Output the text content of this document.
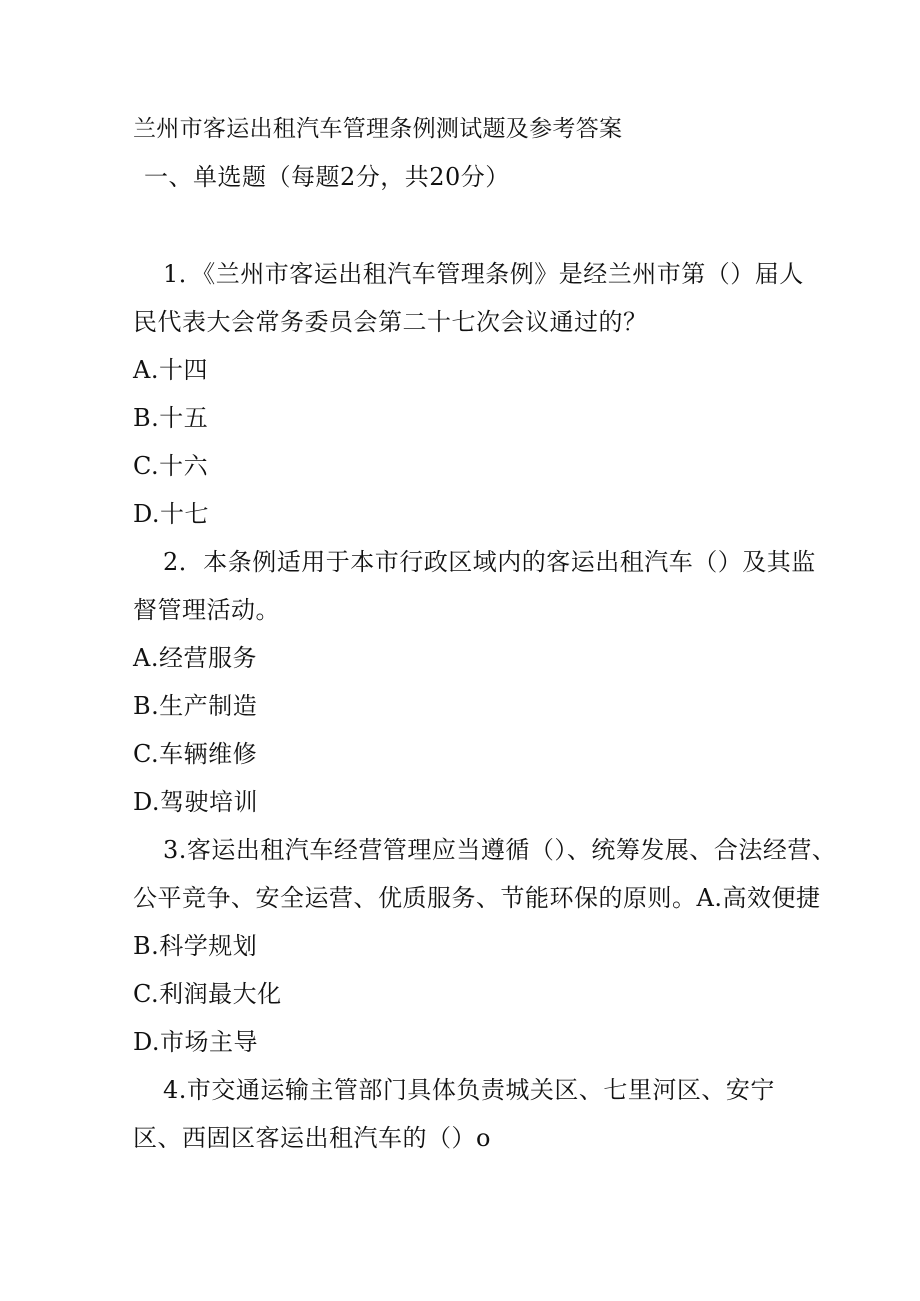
兰州市客运出租汽车管理条例测试题及参考答案
一、单选题（每题2分，共20分）
1．《兰州市客运出租汽车管理条例》是经兰州市第（）届人
民代表大会常务委员会第二十七次会议通过的？
A.十四
B.十五
C.十六
D.十七
2．本条例适用于本市行政区域内的客运出租汽车（）及其监
督管理活动。
A.经营服务
B.生产制造
C.车辆维修
D.驾驶培训
3.客运出租汽车经营管理应当遵循（）、统筹发展、合法经营、
公平竞争、安全运营、优质服务、节能环保的原则。A.高效便捷
B.科学规划
C.利润最大化
D.市场主导
4.市交通运输主管部门具体负责城关区、七里河区、安宁
区、西固区客运出租汽车的（）o
